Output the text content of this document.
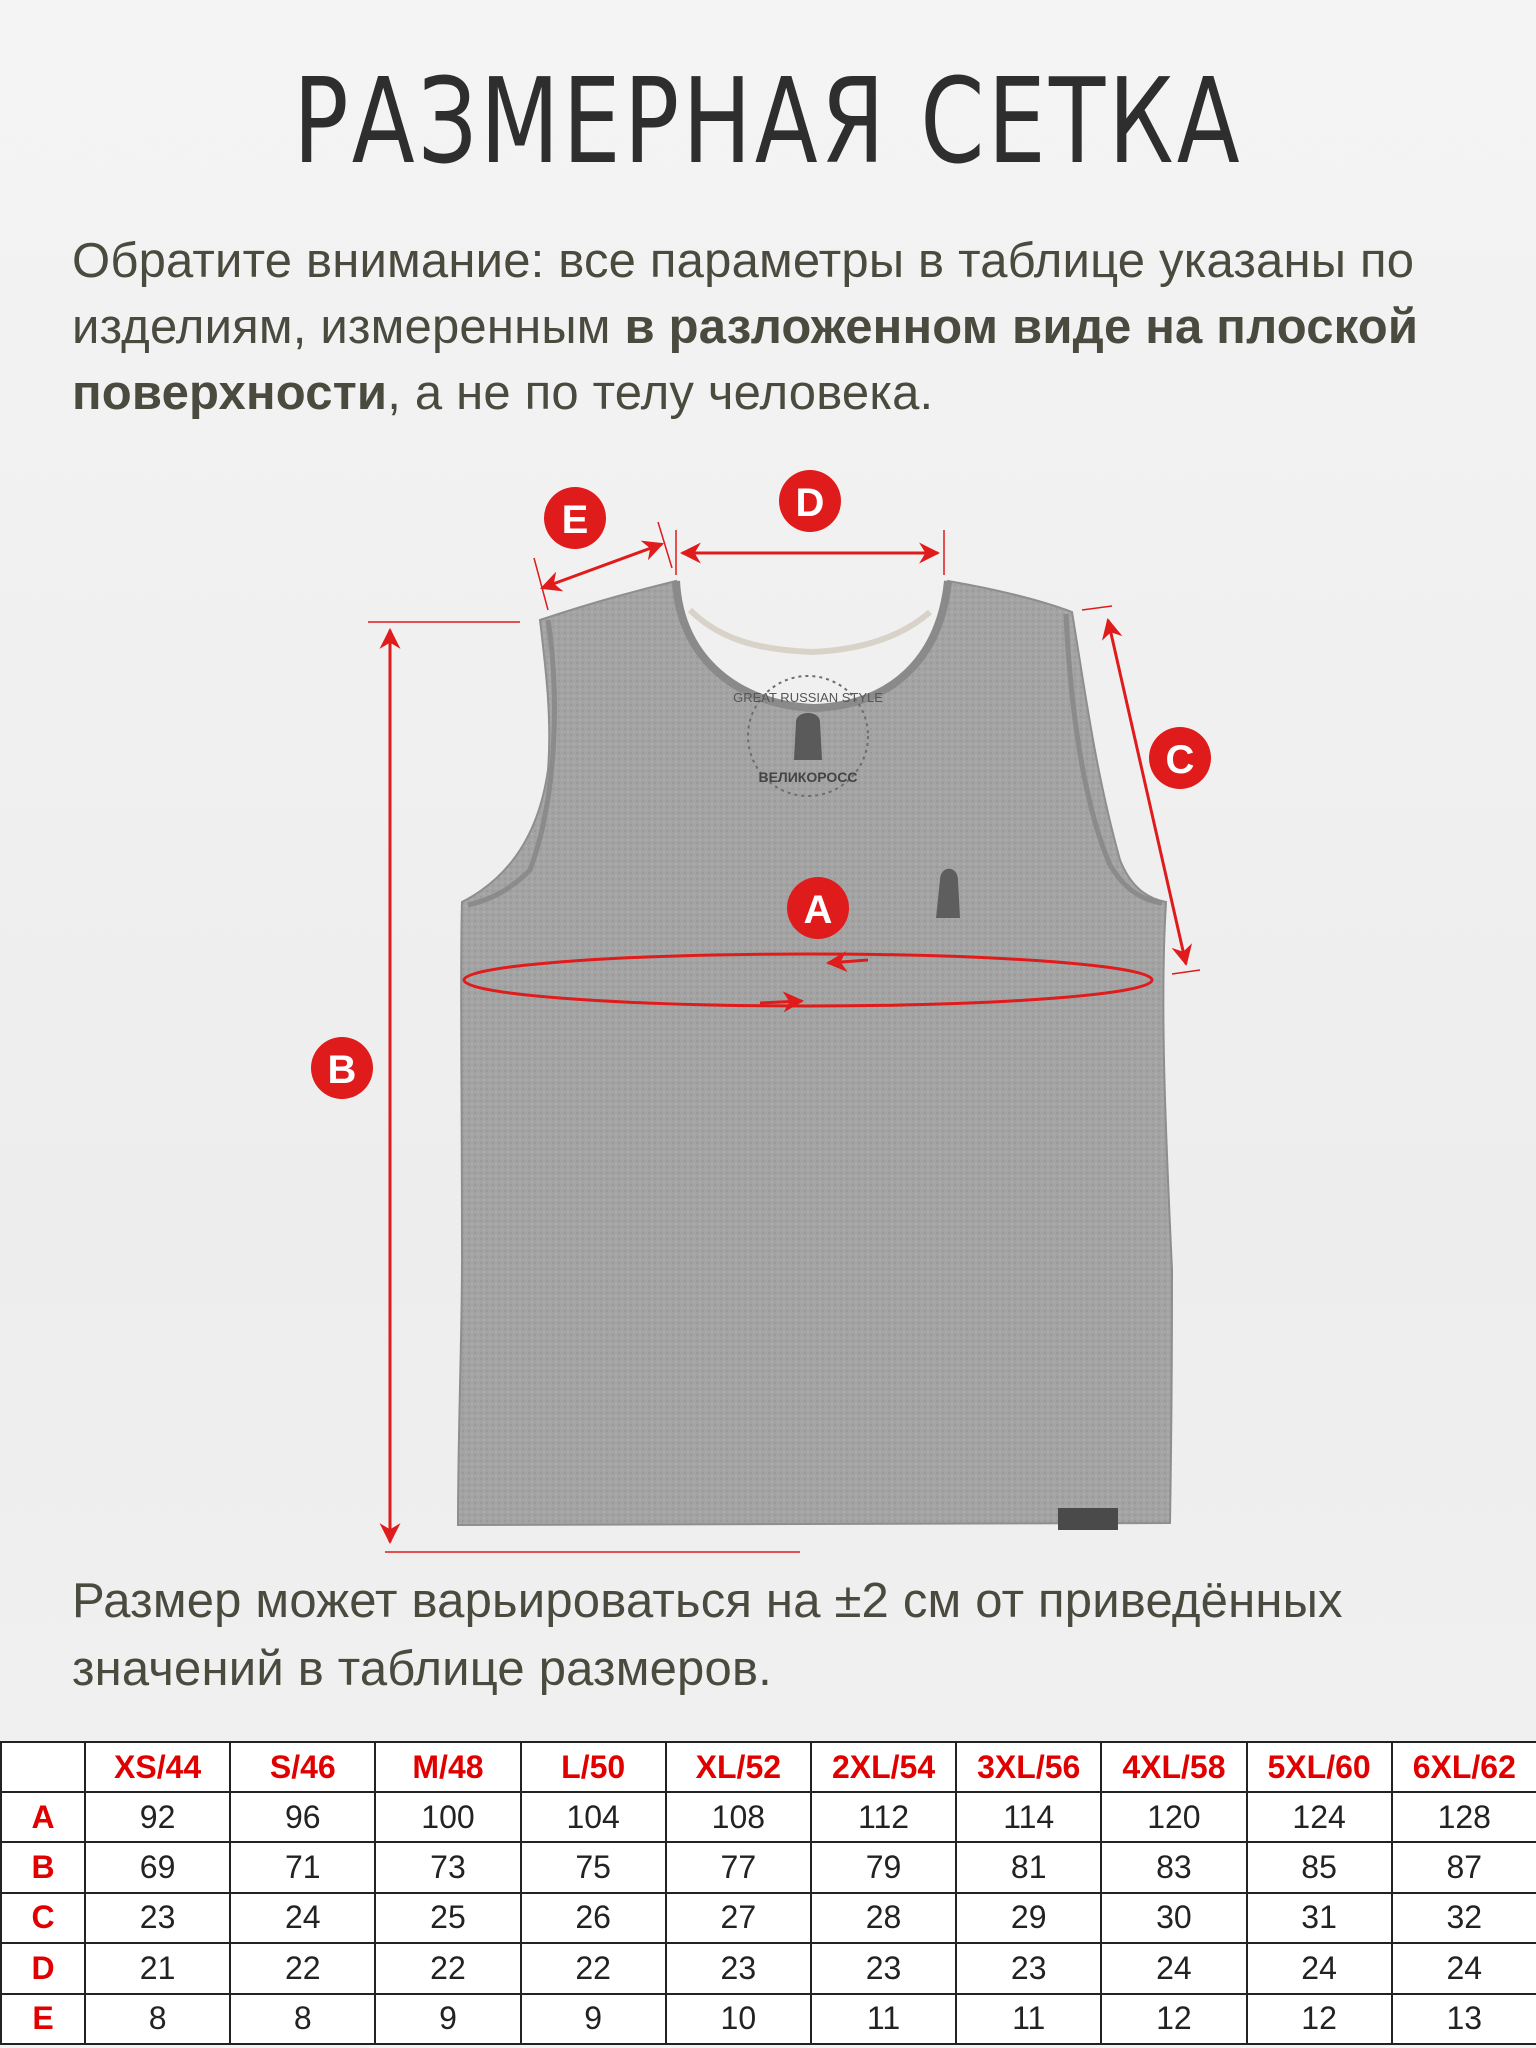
РАЗМЕРНАЯ СЕТКА

Обратите внимание: все параметры в таблице указаны по изделиям, измеренным в разложенном виде на плоской поверхности, а не по телу человека.

GREAT RUSSIAN STYLE
ВЕЛИКОРОСС
A
B
C
D
E

Размер может варьироваться на ±2 см от приведённых значений в таблице размеров.

	XS/44	S/46	M/48	L/50	XL/52	2XL/54	3XL/56	4XL/58	5XL/60	6XL/62
A	92	96	100	104	108	112	114	120	124	128
B	69	71	73	75	77	79	81	83	85	87
C	23	24	25	26	27	28	29	30	31	32
D	21	22	22	22	23	23	23	24	24	24
E	8	8	9	9	10	11	11	12	12	13
